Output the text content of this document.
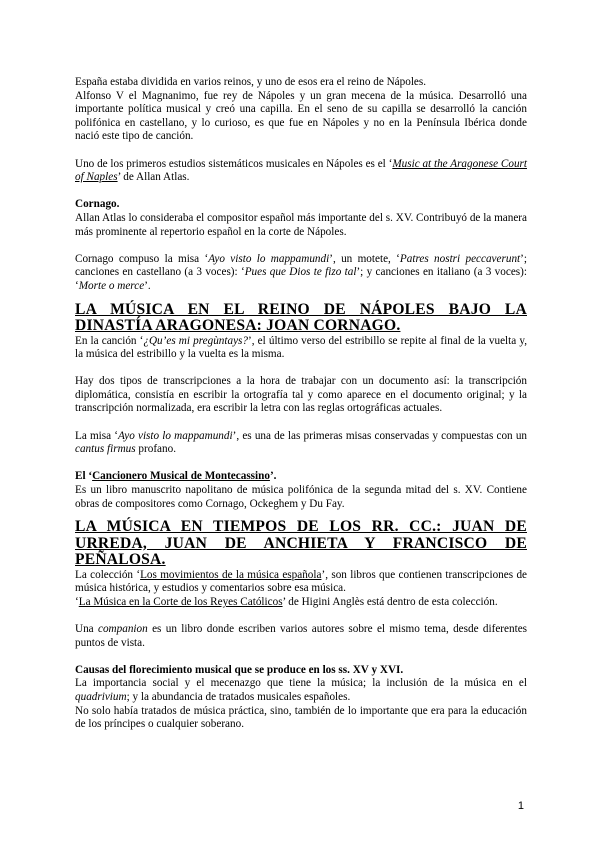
España estaba dividida en varios reinos, y uno de esos era el reino de Nápoles.

Alfonso V el Magnanimo, fue rey de Nápoles y un gran mecena de la música. Desarrolló una importante política musical y creó una capilla. En el seno de su capilla se desarrolló la canción polifónica en castellano, y lo curioso, es que fue en Nápoles y no en la Península Ibérica donde nació este tipo de canción.

Uno de los primeros estudios sistemáticos musicales en Nápoles es el ‘Music at the Aragonese Court of Naples’ de Allan Atlas.

Cornago.

Allan Atlas lo consideraba el compositor español más importante del s. XV. Contribuyó de la manera más prominente al repertorio español en la corte de Nápoles.

Cornago compuso la misa ‘Ayo visto lo mappamundi’, un motete, ‘Patres nostri peccaverunt’; canciones en castellano (a 3 voces): ‘Pues que Dios te fizo tal’; y canciones en italiano (a 3 voces): ‘Morte o merce’.

LA MÚSICA EN EL REINO DE NÁPOLES BAJO LA DINASTÍA ARAGONESA: JOAN CORNAGO.

En la canción ‘¿Qu’es mi pregùntays?’, el último verso del estribillo se repite al final de la vuelta y, la música del estribillo y la vuelta es la misma.

Hay dos tipos de transcripciones a la hora de trabajar con un documento así: la transcripción diplomática, consistía en escribir la ortografía tal y como aparece en el documento original; y la transcripción normalizada, era escribir la letra con las reglas ortográficas actuales.

La misa ‘Ayo visto lo mappamundi’, es una de las primeras misas conservadas y compuestas con un cantus firmus profano.

El ‘Cancionero Musical de Montecassino’.

Es un libro manuscrito napolitano de música polifónica de la segunda mitad del s. XV. Contiene obras de compositores como Cornago, Ockeghem y Du Fay.

LA MÚSICA EN TIEMPOS DE LOS RR. CC.: JUAN DE URREDA, JUAN DE ANCHIETA Y FRANCISCO DE PEÑALOSA.

La colección ‘Los movimientos de la música española’, son libros que contienen transcripciones de música histórica, y estudios y comentarios sobre esa música.

‘La Música en la Corte de los Reyes Católicos’ de Higini Anglès está dentro de esta colección.

Una companion es un libro donde escriben varios autores sobre el mismo tema, desde diferentes puntos de vista.

Causas del florecimiento musical que se produce en los ss. XV y XVI.

La importancia social y el mecenazgo que tiene la música; la inclusión de la música en el quadrivium; y la abundancia de tratados musicales españoles.

No solo había tratados de música práctica, sino, también de lo importante que era para la educación de los príncipes o cualquier soberano.

1
